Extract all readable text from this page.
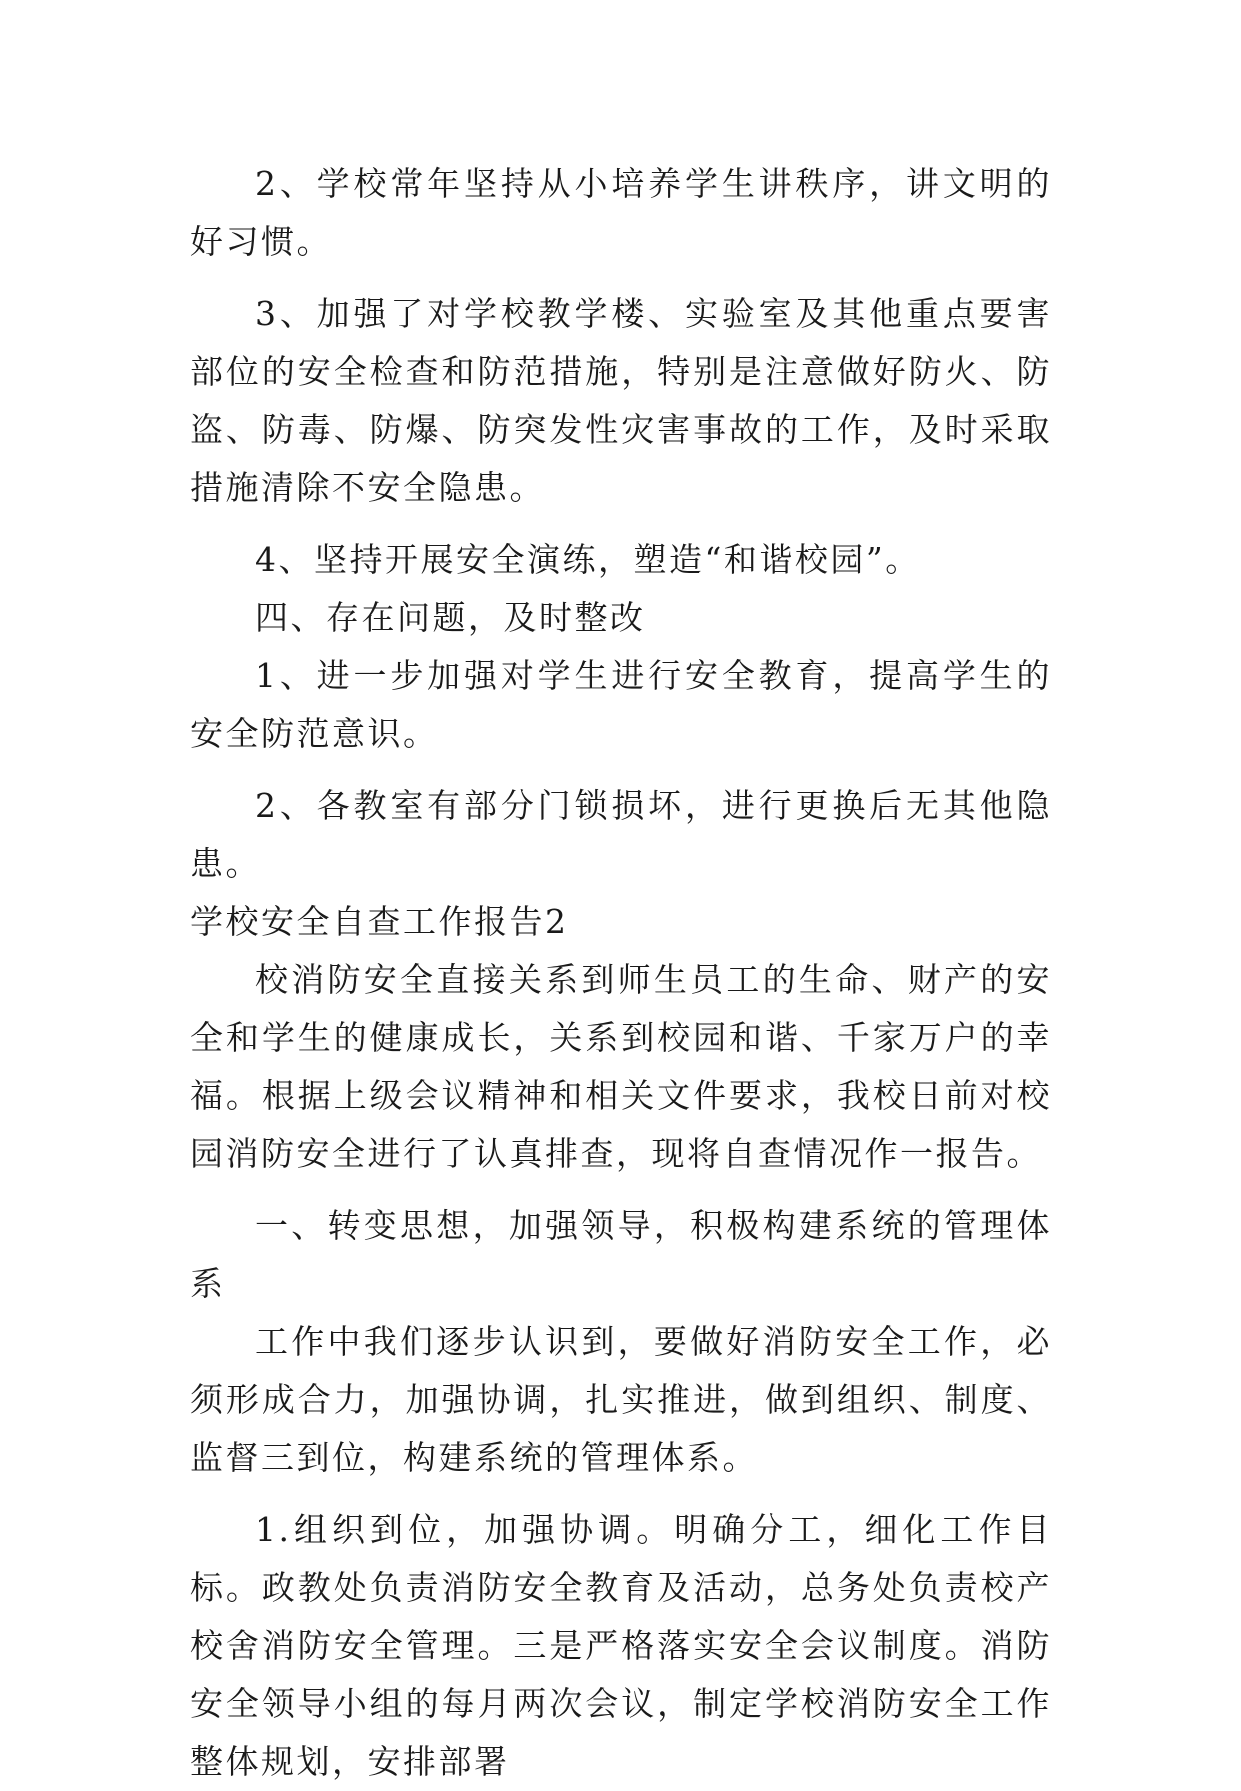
2、学校常年坚持从小培养学生讲秩序，讲文明的好习惯。

3、加强了对学校教学楼、实验室及其他重点要害部位的安全检查和防范措施，特别是注意做好防火、防盗、防毒、防爆、防突发性灾害事故的工作，及时采取措施清除不安全隐患。

4、坚持开展安全演练，塑造“和谐校园”。

四、存在问题，及时整改

1、进一步加强对学生进行安全教育，提高学生的安全防范意识。

2、各教室有部分门锁损坏，进行更换后无其他隐患。

学校安全自查工作报告2

校消防安全直接关系到师生员工的生命、财产的安全和学生的健康成长，关系到校园和谐、千家万户的幸福。根据上级会议精神和相关文件要求，我校日前对校园消防安全进行了认真排查，现将自查情况作一报告。

一、转变思想，加强领导，积极构建系统的管理体系

工作中我们逐步认识到，要做好消防安全工作，必须形成合力，加强协调，扎实推进，做到组织、制度、监督三到位，构建系统的管理体系。

1.组织到位，加强协调。明确分工，细化工作目标。政教处负责消防安全教育及活动，总务处负责校产校舍消防安全管理。三是严格落实安全会议制度。消防安全领导小组的每月两次会议，制定学校消防安全工作整体规划，安排部署
